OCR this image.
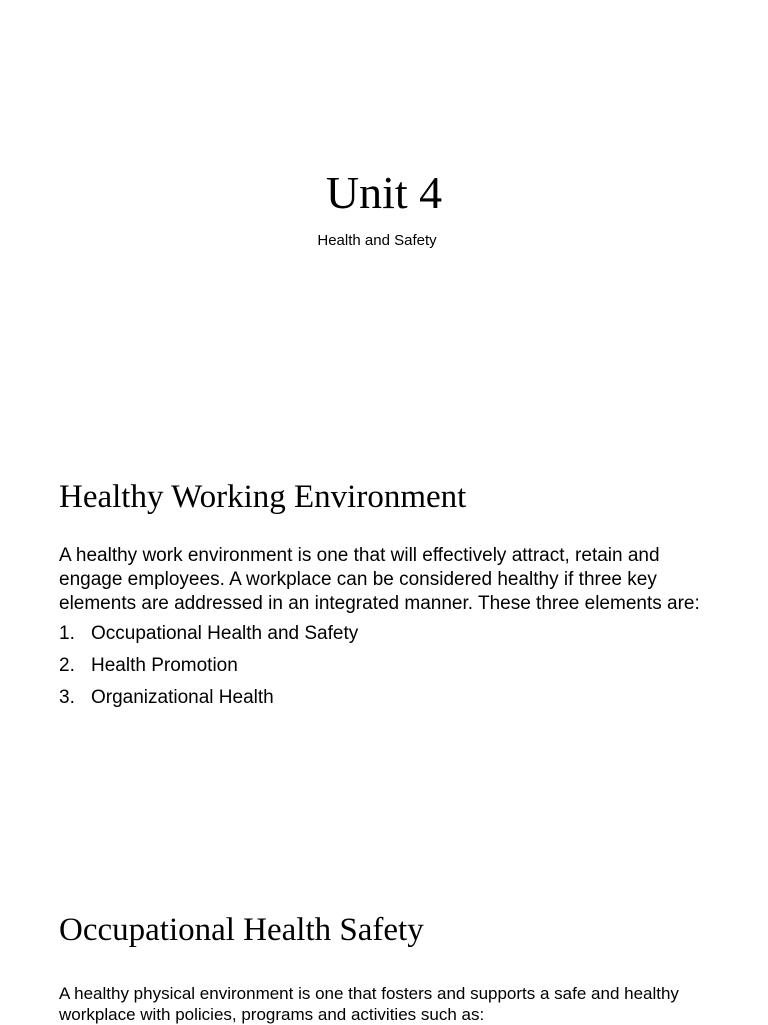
Unit 4

Health and Safety

Healthy Working Environment

A healthy work environment is one that will effectively attract, retain and engage employees. A workplace can be considered healthy if three key elements are addressed in an integrated manner. These three elements are:

1. Occupational Health and Safety
2. Health Promotion
3. Organizational Health
Occupational Health Safety

A healthy physical environment is one that fosters and supports a safe and healthy workplace with policies, programs and activities such as:
